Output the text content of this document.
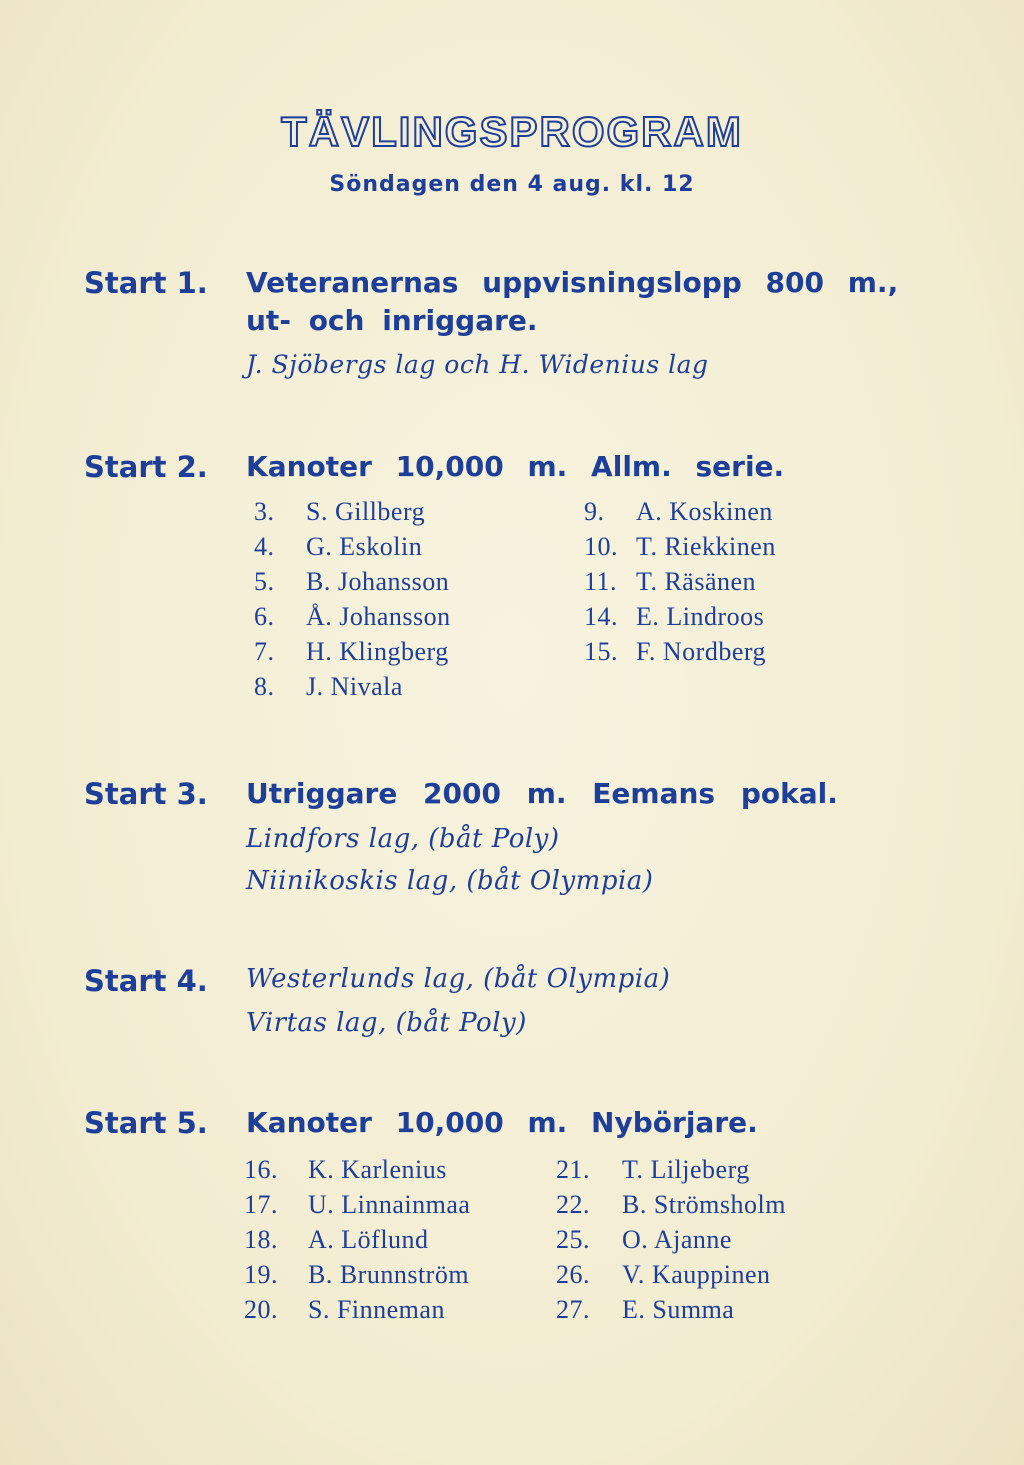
TÄVLINGSPROGRAM
Söndagen den 4 aug. kl. 12
Start 1. Veteranernas uppvisningslopp 800 m.,
ut- och inriggare.
J. Sjöbergs lag och H. Widenius lag
Start 2. Kanoter 10,000 m. Allm. serie.
3.	S. Gillberg
4.	G. Eskolin
5.	B. Johansson
6.	Å. Johansson
7.	H. Klingberg
8.	J. Nivala
9.	A. Koskinen
10. T. Riekkinen
11. T. Räsänen
14. E. Lindroos
15. F. Nordberg
Start 3. Utriggare 2000 m. Eemans pokal.
Lindfors lag, (båt Poly)
Niinikoskis lag, (båt Olympia)
Start 4. Westerlunds lag, (båt Olympia)
Virtas lag, (båt Poly)
Start 5. Kanoter 10,000 m. Nybörjare.
16.	K. Karlenius
17.	U. Linnainmaa
18.	A. Löflund
19.	B. Brunnström
20.	S. Finneman
21.	T. Liljeberg
22.	B. Strömsholm
25.	O. Ajanne
26.	V. Kauppinen
27.	E. Summa
